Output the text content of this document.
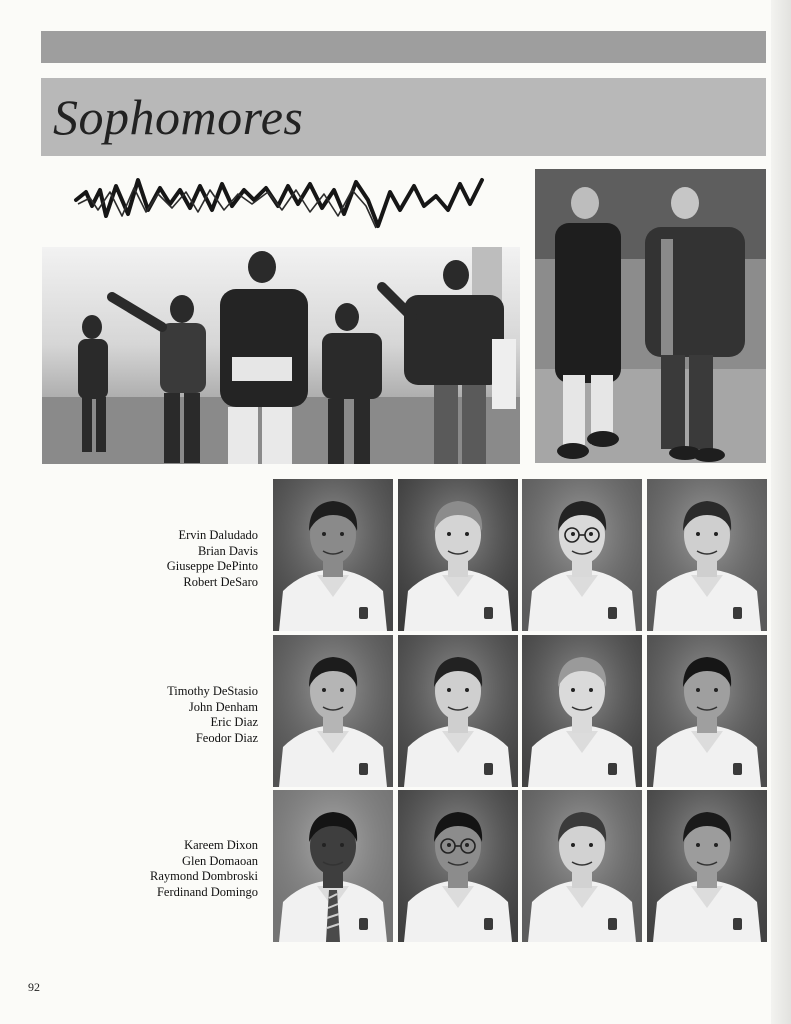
Sophomores
Ervin Daludado
Brian Davis
Giuseppe DePinto
Robert DeSaro
Timothy DeStasio
John Denham
Eric Diaz
Feodor Diaz
Kareem Dixon
Glen Domaoan
Raymond Dombroski
Ferdinand Domingo
92
